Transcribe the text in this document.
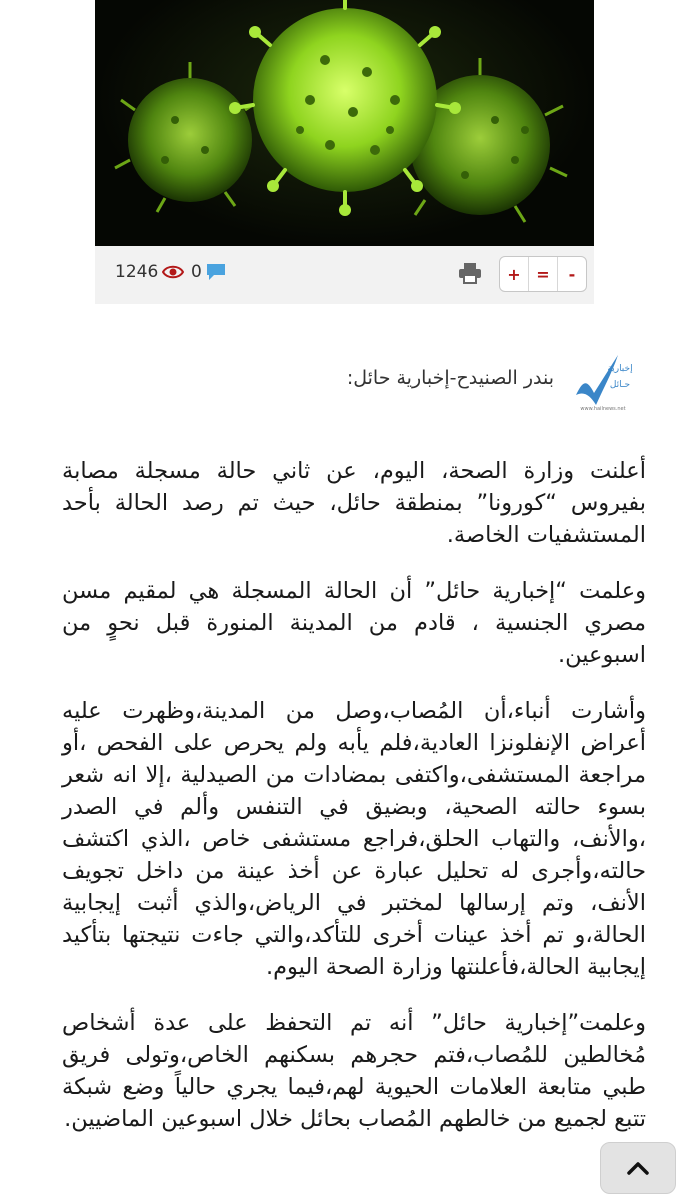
1246 0	+ =	-
إخبارية
حـائل
www.hailnews.net
بندر الصنيدح-إخبارية حائل:

أعلنت وزارة الصحة، اليوم، عن ثاني حالة مسجلة مصابة بفيروس “كورونا” بمنطقة حائل، حيث تم رصد الحالة بأحد المستشفيات الخاصة.

وعلمت “إخبارية حائل” أن الحالة المسجلة هي لمقيم مسن مصري الجنسية ، قادم من المدينة المنورة قبل نحوٍ من اسبوعين.

وأشارت أنباء،أن المُصاب،وصل من المدينة،وظهرت عليه أعراض الإنفلونزا العادية،فلم يأبه ولم يحرص على الفحص ،أو مراجعة المستشفى،واكتفى بمضادات من الصيدلية ،إلا انه شعر بسوء حالته الصحية، وبضيق في التنفس وألم في الصدر ،والأنف، والتهاب الحلق،فراجع مستشفى خاص ،الذي اكتشف حالته،وأجرى له تحليل عبارة عن أخذ عينة من داخل تجويف الأنف، وتم إرسالها لمختبر في الرياض،والذي أثبت إيجابية الحالة،و تم أخذ عينات أخرى للتأكد،والتي جاءت نتيجتها بتأكيد إيجابية الحالة،فأعلنتها وزارة الصحة اليوم.

وعلمت”إخبارية حائل” أنه تم التحفظ على عدة أشخاص مُخالطين للمُصاب،فتم حجرهم بسكنهم الخاص،وتولى فريق طبي متابعة العلامات الحيوية لهم،فيما يجري حالياً وضع شبكة تتبع لجميع من خالطهم المُصاب بحائل خلال اسبوعين الماضيين.
